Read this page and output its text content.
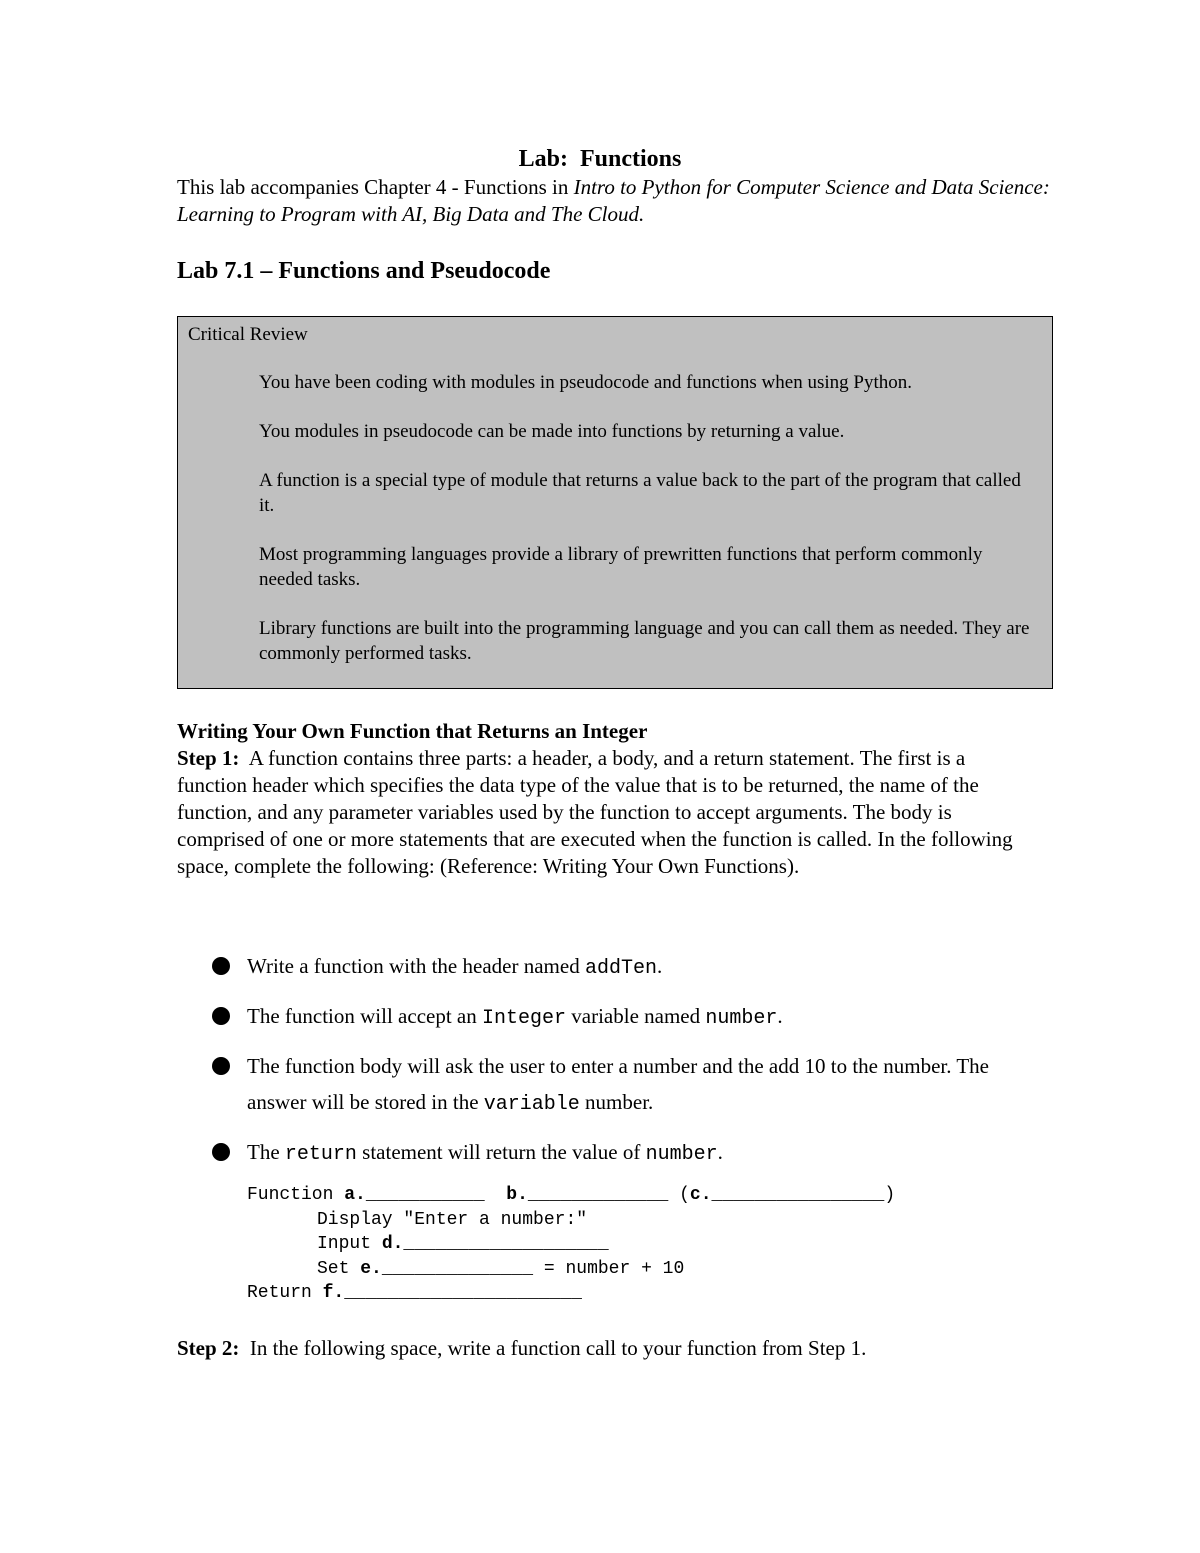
Lab:  Functions
This lab accompanies Chapter 4 - Functions in Intro to Python for Computer Science and Data Science: Learning to Program with AI, Big Data and The Cloud.
Lab 7.1 – Functions and Pseudocode
Critical Review
You have been coding with modules in pseudocode and functions when using Python.
You modules in pseudocode can be made into functions by returning a value.
A function is a special type of module that returns a value back to the part of the program that called it.
Most programming languages provide a library of prewritten functions that perform commonly needed tasks.
Library functions are built into the programming language and you can call them as needed. They are commonly performed tasks.
Writing Your Own Function that Returns an Integer
Step 1: A function contains three parts: a header, a body, and a return statement. The first is a function header which specifies the data type of the value that is to be returned, the name of the function, and any parameter variables used by the function to accept arguments. The body is comprised of one or more statements that are executed when the function is called. In the following space, complete the following: (Reference: Writing Your Own Functions).
Write a function with the header named addTen.
The function will accept an Integer variable named number.
The function body will ask the user to enter a number and the add 10 to the number. The answer will be stored in the variable number.
The return statement will return the value of number.
Function a.___________ b._____________ (c.________________)
Display "Enter a number:"
Input d.___________________
Set e.______________ = number + 10
Return f.______________________
Step 2: In the following space, write a function call to your function from Step 1.
